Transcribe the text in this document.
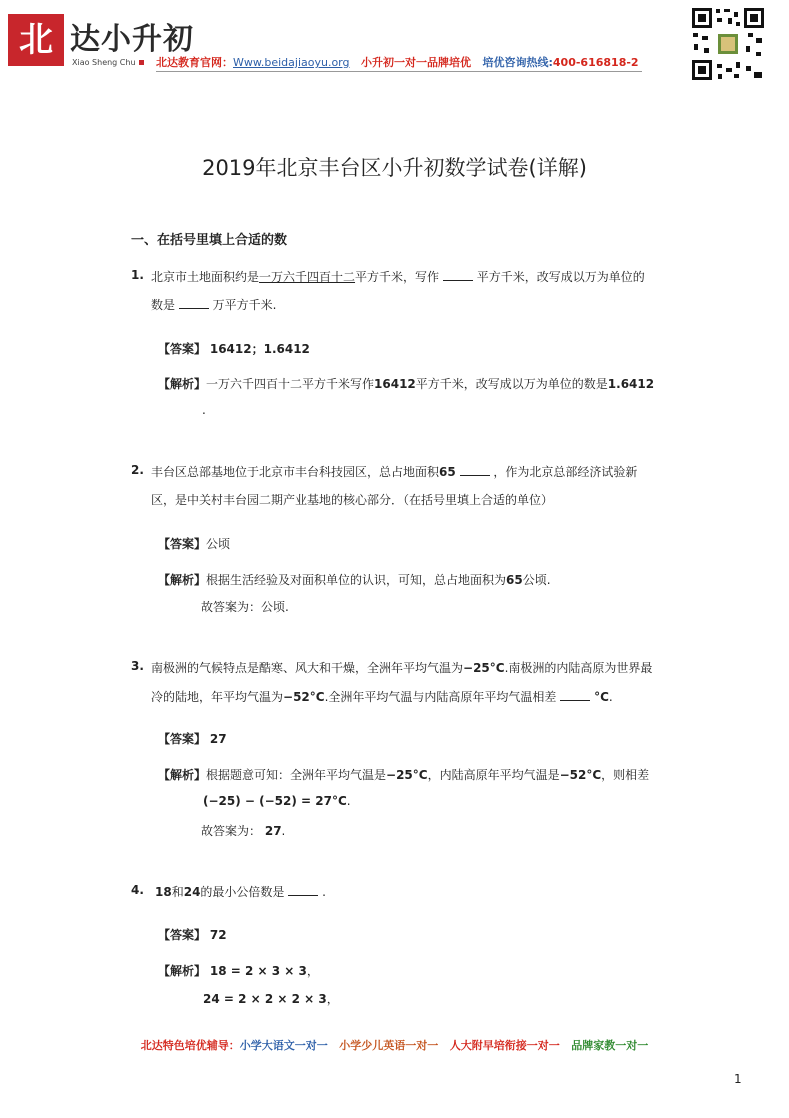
北 达小升初
Xiao Sheng Chu	北达教育官网：Www.beidajiaoyu.org 小升初一对一品牌培优 培优咨询热线:400-616818-2
2019年北京丰台区小升初数学试卷(详解)
一、在括号里填上合适的数
1. 北京市土地面积约是一万六千四百十二平方千米，写作	平方千米，改写成以万为单位的
数是	万平方千米.
【答案】 16412；1.6412
【解析】一万六千四百十二平方千米写作16412平方千米，改写成以万为单位的数是1.6412
.
2. 丰台区总部基地位于北京市丰台科技园区，总占地面积65	，作为北京总部经济试验新
区，是中关村丰台园二期产业基地的核心部分．（在括号里填上合适的单位）
【答案】公顷
【解析】根据生活经验及对面积单位的认识，可知，总占地面积为65公顷.
故答案为：公顷.
3. 南极洲的气候特点是酷寒、风大和干燥，全洲年平均气温为−25°C.南极洲的内陆高原为世界最
冷的陆地，年平均气温为−52°C.全洲年平均气温与内陆高原年平均气温相差	°C.
【答案】 27
【解析】根据题意可知：全洲年平均气温是−25°C，内陆高原年平均气温是−52°C，则相差
(−25) − (−52) = 27°C.
故答案为： 27.
4. 18和24的最小公倍数是	.
【答案】 72
【解析】 18 = 2 × 3 × 3，
24 = 2 × 2 × 2 × 3，
北达特色培优辅导：小学大语文一对一 小学少儿英语一对一 人大附早培衔接一对一 品牌家教一对一
1
